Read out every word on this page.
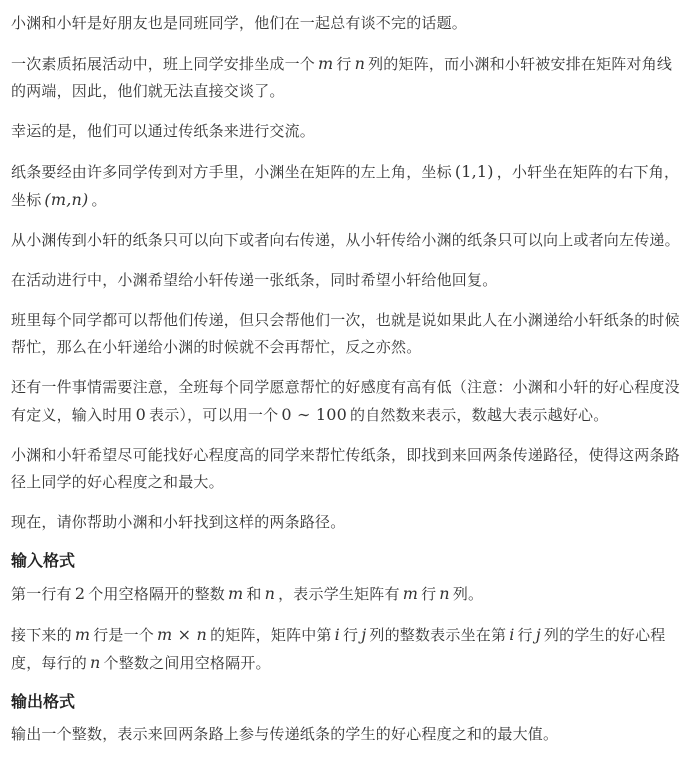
小渊和小轩是好朋友也是同班同学，他们在一起总有谈不完的话题。

一次素质拓展活动中，班上同学安排坐成一个 m 行 n 列的矩阵，而小渊和小轩被安排在矩阵对角线的两端，因此，他们就无法直接交谈了。

幸运的是，他们可以通过传纸条来进行交流。

纸条要经由许多同学传到对方手里，小渊坐在矩阵的左上角，坐标 (1,1) ，小轩坐在矩阵的右下角，坐标 (m,n) 。

从小渊传到小轩的纸条只可以向下或者向右传递，从小轩传给小渊的纸条只可以向上或者向左传递。

在活动进行中，小渊希望给小轩传递一张纸条，同时希望小轩给他回复。

班里每个同学都可以帮他们传递，但只会帮他们一次，也就是说如果此人在小渊递给小轩纸条的时候帮忙，那么在小轩递给小渊的时候就不会再帮忙，反之亦然。

还有一件事情需要注意，全班每个同学愿意帮忙的好感度有高有低（注意：小渊和小轩的好心程度没有定义，输入时用 0 表示），可以用一个 0 ∼ 100 的自然数来表示，数越大表示越好心。

小渊和小轩希望尽可能找好心程度高的同学来帮忙传纸条，即找到来回两条传递路径，使得这两条路径上同学的好心程度之和最大。

现在，请你帮助小渊和小轩找到这样的两条路径。

输入格式

第一行有 2 个用空格隔开的整数 m 和 n ，表示学生矩阵有 m 行 n 列。

接下来的 m 行是一个 m × n 的矩阵，矩阵中第 i 行 j 列的整数表示坐在第 i 行 j 列的学生的好心程度，每行的 n 个整数之间用空格隔开。

输出格式

输出一个整数，表示来回两条路上参与传递纸条的学生的好心程度之和的最大值。
